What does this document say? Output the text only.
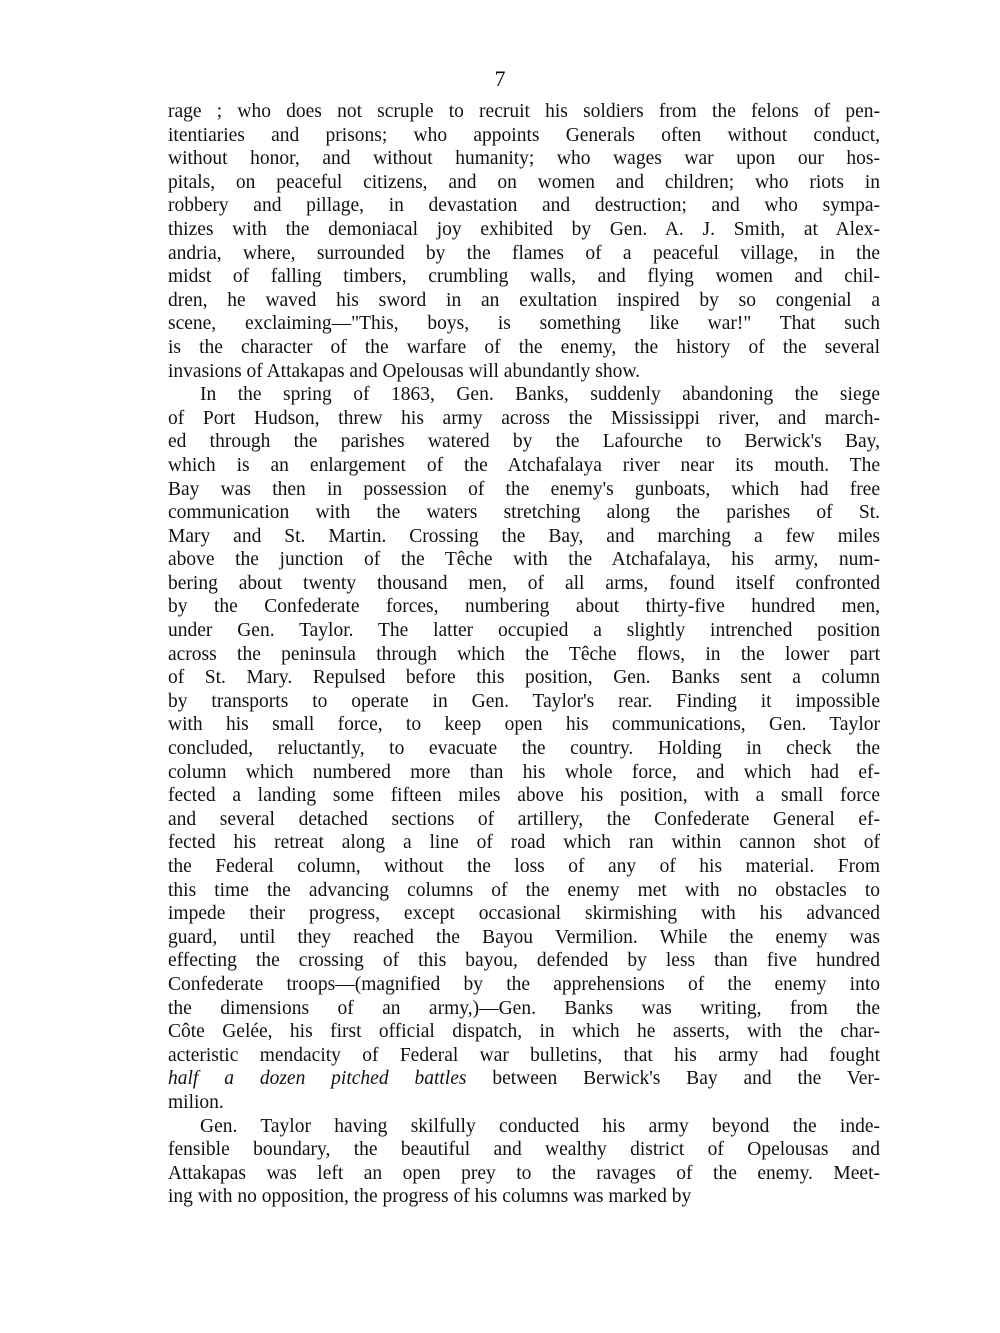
7
rage ; who does not scruple to recruit his soldiers from the felons of pen-
itentiaries and prisons; who appoints Generals often without conduct,
without honor, and without humanity; who wages war upon our hos-
pitals, on peaceful citizens, and on women and children; who riots in
robbery and pillage, in devastation and destruction; and who sympa-
thizes with the demoniacal joy exhibited by Gen. A. J. Smith, at Alex-
andria, where, surrounded by the flames of a peaceful village, in the
midst of falling timbers, crumbling walls, and flying women and chil-
dren, he waved his sword in an exultation inspired by so congenial a
scene, exclaiming—"This, boys, is something like war!" That such
is the character of the warfare of the enemy, the history of the several
invasions of Attakapas and Opelousas will abundantly show.
In the spring of 1863, Gen. Banks, suddenly abandoning the siege
of Port Hudson, threw his army across the Mississippi river, and march-
ed through the parishes watered by the Lafourche to Berwick's Bay,
which is an enlargement of the Atchafalaya river near its mouth. The
Bay was then in possession of the enemy's gunboats, which had free
communication with the waters stretching along the parishes of St.
Mary and St. Martin. Crossing the Bay, and marching a few miles
above the junction of the Têche with the Atchafalaya, his army, num-
bering about twenty thousand men, of all arms, found itself confronted
by the Confederate forces, numbering about thirty-five hundred men,
under Gen. Taylor. The latter occupied a slightly intrenched position
across the peninsula through which the Têche flows, in the lower part
of St. Mary. Repulsed before this position, Gen. Banks sent a column
by transports to operate in Gen. Taylor's rear. Finding it impossible
with his small force, to keep open his communications, Gen. Taylor
concluded, reluctantly, to evacuate the country. Holding in check the
column which numbered more than his whole force, and which had ef-
fected a landing some fifteen miles above his position, with a small force
and several detached sections of artillery, the Confederate General ef-
fected his retreat along a line of road which ran within cannon shot of
the Federal column, without the loss of any of his material. From
this time the advancing columns of the enemy met with no obstacles to
impede their progress, except occasional skirmishing with his advanced
guard, until they reached the Bayou Vermilion. While the enemy was
effecting the crossing of this bayou, defended by less than five hundred
Confederate troops—(magnified by the apprehensions of the enemy into
the dimensions of an army,)—Gen. Banks was writing, from the
Côte Gelée, his first official dispatch, in which he asserts, with the char-
acteristic mendacity of Federal war bulletins, that his army had fought
half a dozen pitched battles between Berwick's Bay and the Ver-
milion.
Gen. Taylor having skilfully conducted his army beyond the inde-
fensible boundary, the beautiful and wealthy district of Opelousas and
Attakapas was left an open prey to the ravages of the enemy. Meet-
ing with no opposition, the progress of his columns was marked by
